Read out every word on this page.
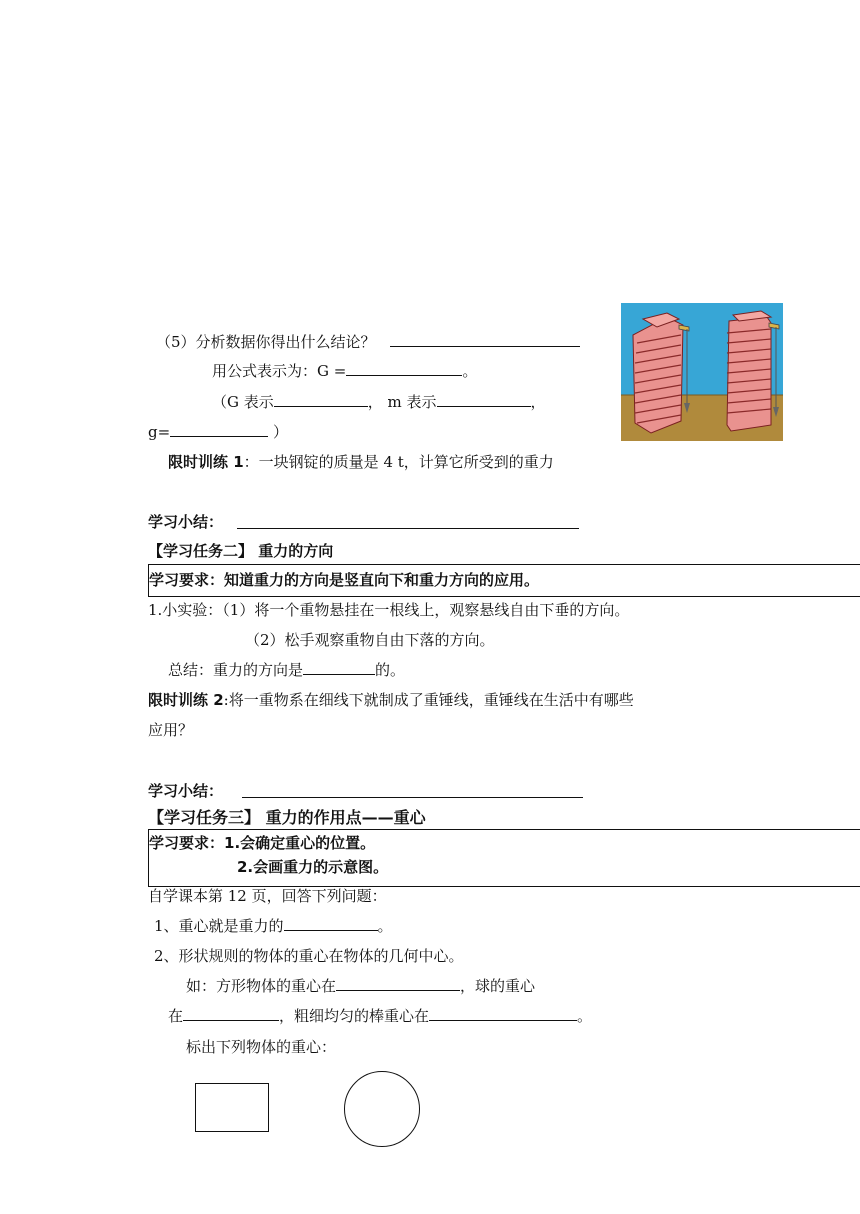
（5）分析数据你得出什么结论？
用公式表示为：G =	。
（G 表示	， m 表示	，
g=	）
限时训练 1：一块钢锭的质量是 4 t，计算它所受到的重力
学习小结：
【学习任务二】 重力的方向
学习要求：知道重力的方向是竖直向下和重力方向的应用。
1.小实验：（1）将一个重物悬挂在一根线上，观察悬线自由下垂的方向。
（2）松手观察重物自由下落的方向。
总结：重力的方向是	的。
限时训练 2:将一重物系在细线下就制成了重锤线，重锤线在生活中有哪些
应用？
学习小结：
【学习任务三】 重力的作用点——重心
学习要求：1.会确定重心的位置。
2.会画重力的示意图。
自学课本第 12 页，回答下列问题：
1、重心就是重力的	。
2、形状规则的物体的重心在物体的几何中心。
如：方形物体的重心在	，球的重心
在	，粗细均匀的棒重心在	。
标出下列物体的重心：
